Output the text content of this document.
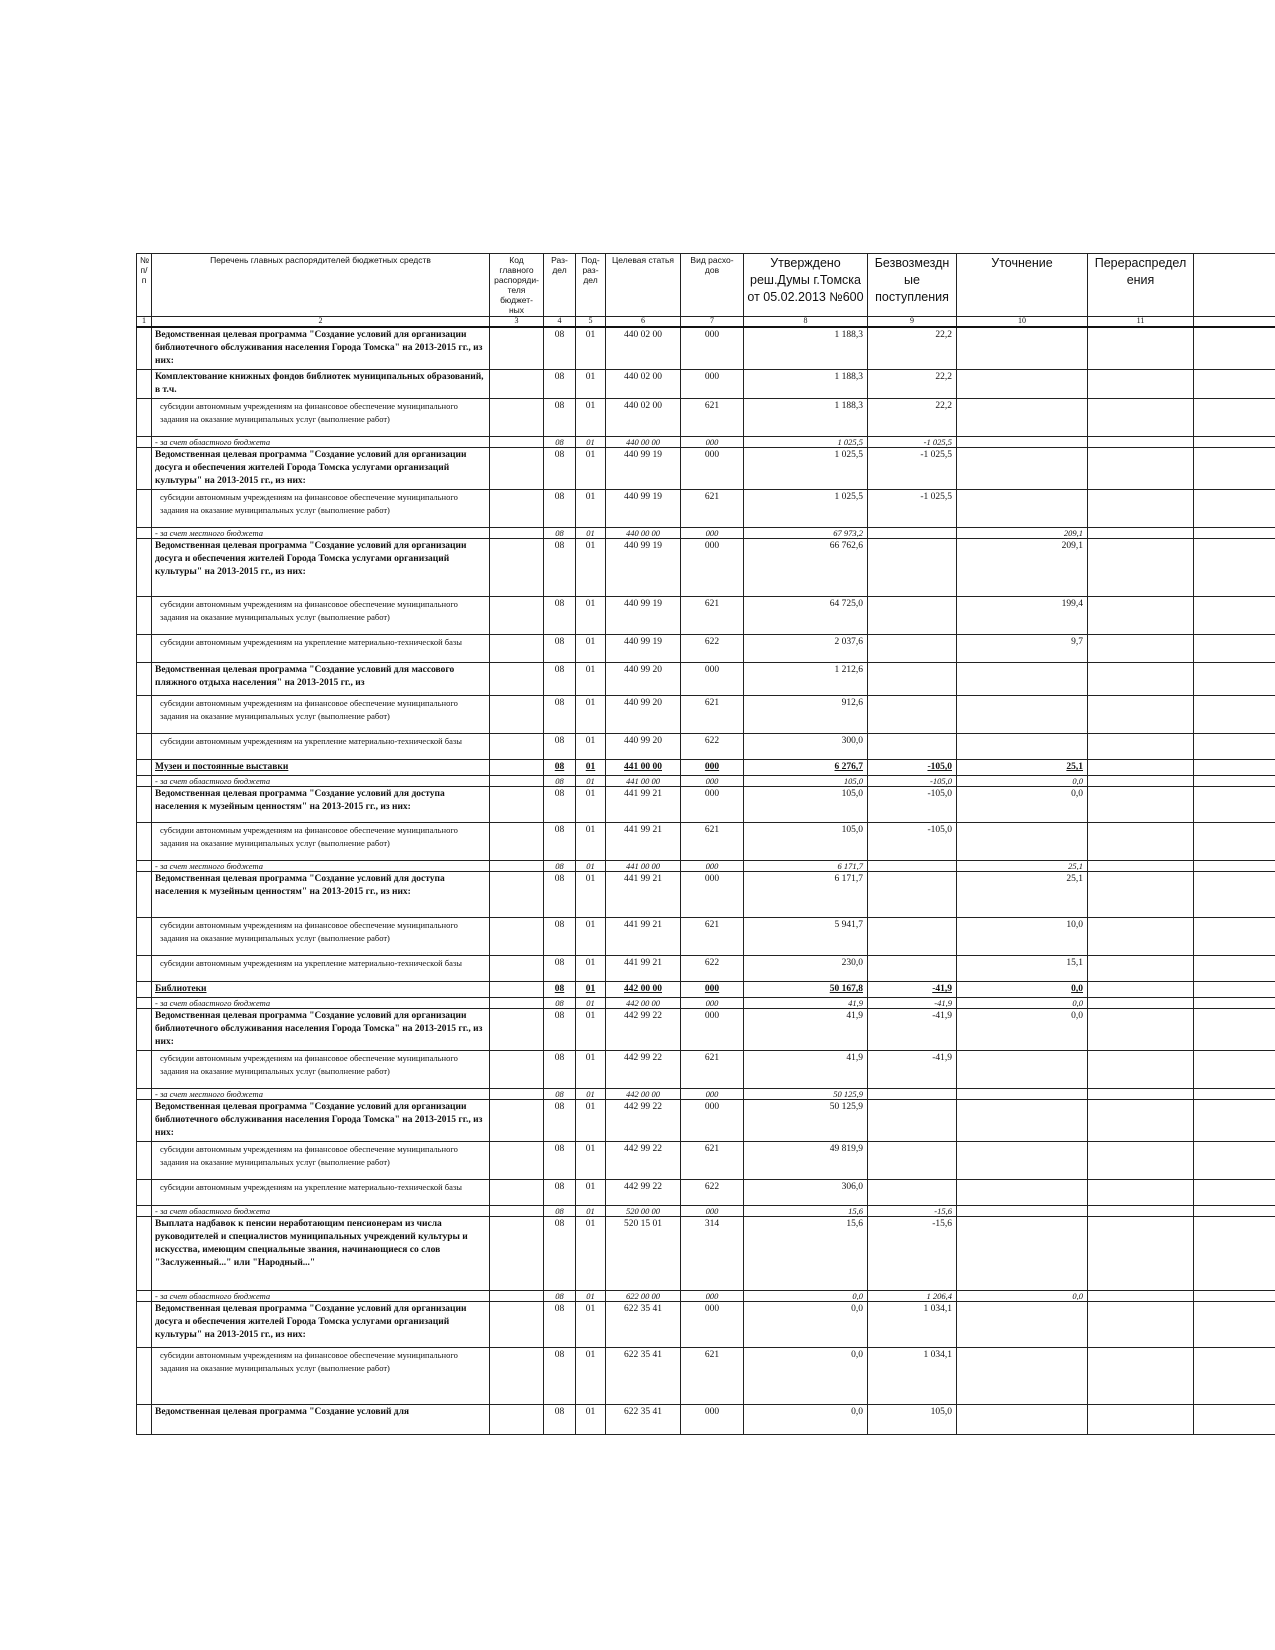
№ п/п	Перечень главных распорядителей бюджетных средств	Код главного распоряди-теля бюджет-ных	Раз-дел	Под-раз-дел	Целевая статья	Вид расхо-дов	Утверждено реш.Думы г.Томска от 05.02.2013 №600	Безвозмездн ые поступления	Уточнение	Перераспредел ения	
1	2	3	4	5	6	7	8	9	10	11	
	Ведомственная целевая программа "Создание условий для организации библиотечного обслуживания населения Города Томска" на 2013-2015 гг., из них:		08	01	440 02 00	000	1 188,3	22,2			
	Комплектование книжных фондов библиотек муниципальных образований, в т.ч.		08	01	440 02 00	000	1 188,3	22,2			
	субсидии автономным учреждениям на финансовое обеспечение муниципального задания на оказание муниципальных услуг (выполнение работ)		08	01	440 02 00	621	1 188,3	22,2			
	- за счет областного бюджета		08	01	440 00 00	000	1 025,5	-1 025,5			
	Ведомственная целевая программа "Создание условий для организации досуга и обеспечения жителей Города Томска услугами организаций культуры" на 2013-2015 гг., из них:		08	01	440 99 19	000	1 025,5	-1 025,5			
	субсидии автономным учреждениям на финансовое обеспечение муниципального задания на оказание муниципальных услуг (выполнение работ)		08	01	440 99 19	621	1 025,5	-1 025,5			
	- за счет местного бюджета		08	01	440 00 00	000	67 973,2		209,1		
	Ведомственная целевая программа "Создание условий для организации досуга и обеспечения жителей Города Томска услугами организаций культуры" на 2013-2015 гг., из них:		08	01	440 99 19	000	66 762,6		209,1		
	субсидии автономным учреждениям на финансовое обеспечение муниципального задания на оказание муниципальных услуг (выполнение работ)		08	01	440 99 19	621	64 725,0		199,4		
	субсидии автономным учреждениям на укрепление материально-технической базы		08	01	440 99 19	622	2 037,6		9,7		
	Ведомственная целевая программа "Создание условий для массового пляжного отдыха населения" на 2013-2015 гг., из		08	01	440 99 20	000	1 212,6				
	субсидии автономным учреждениям на финансовое обеспечение муниципального задания на оказание муниципальных услуг (выполнение работ)		08	01	440 99 20	621	912,6				
	субсидии автономным учреждениям на укрепление материально-технической базы		08	01	440 99 20	622	300,0				
	Музеи и постоянные выставки		08	01	441 00 00	000	6 276,7	-105,0	25,1		
	- за счет областного бюджета		08	01	441 00 00	000	105,0	-105,0	0,0		
	Ведомственная целевая программа "Создание условий для доступа населения к музейным ценностям" на 2013-2015 гг., из них:		08	01	441 99 21	000	105,0	-105,0	0,0		
	субсидии автономным учреждениям на финансовое обеспечение муниципального задания на оказание муниципальных услуг (выполнение работ)		08	01	441 99 21	621	105,0	-105,0			
	- за счет местного бюджета		08	01	441 00 00	000	6 171,7		25,1		
	Ведомственная целевая программа "Создание условий для доступа населения к музейным ценностям" на 2013-2015 гг., из них:		08	01	441 99 21	000	6 171,7		25,1		
	субсидии автономным учреждениям на финансовое обеспечение муниципального задания на оказание муниципальных услуг (выполнение работ)		08	01	441 99 21	621	5 941,7		10,0		
	субсидии автономным учреждениям на укрепление материально-технической базы		08	01	441 99 21	622	230,0		15,1		
	Библиотеки		08	01	442 00 00	000	50 167,8	-41,9	0,0		
	- за счет областного бюджета		08	01	442 00 00	000	41,9	-41,9	0,0		
	Ведомственная целевая программа "Создание условий для организации библиотечного обслуживания населения Города Томска" на 2013-2015 гг., из них:		08	01	442 99 22	000	41,9	-41,9	0,0		
	субсидии автономным учреждениям на финансовое обеспечение муниципального задания на оказание муниципальных услуг (выполнение работ)		08	01	442 99 22	621	41,9	-41,9			
	- за счет местного бюджета		08	01	442 00 00	000	50 125,9				
	Ведомственная целевая программа "Создание условий для организации библиотечного обслуживания населения Города Томска" на 2013-2015 гг., из них:		08	01	442 99 22	000	50 125,9				
	субсидии автономным учреждениям на финансовое обеспечение муниципального задания на оказание муниципальных услуг (выполнение работ)		08	01	442 99 22	621	49 819,9				
	субсидии автономным учреждениям на укрепление материально-технической базы		08	01	442 99 22	622	306,0				
	- за счет областного бюджета		08	01	520 00 00	000	15,6	-15,6			
	Выплата надбавок к пенсии неработающим пенсионерам из числа руководителей и специалистов муниципальных учреждений культуры и искусства, имеющим специальные звания, начинающиеся со слов "Заслуженный..." или "Народный..."		08	01	520 15 01	314	15,6	-15,6			
	- за счет областного бюджета		08	01	622 00 00	000	0,0	1 206,4	0,0		
	Ведомственная целевая программа "Создание условий для организации досуга и обеспечения жителей Города Томска услугами организаций культуры" на 2013-2015 гг., из них:		08	01	622 35 41	000	0,0	1 034,1			
	субсидии автономным учреждениям на финансовое обеспечение муниципального задания на оказание муниципальных услуг (выполнение работ)		08	01	622 35 41	621	0,0	1 034,1			
	Ведомственная целевая программа "Создание условий для		08	01	622 35 41	000	0,0	105,0			
